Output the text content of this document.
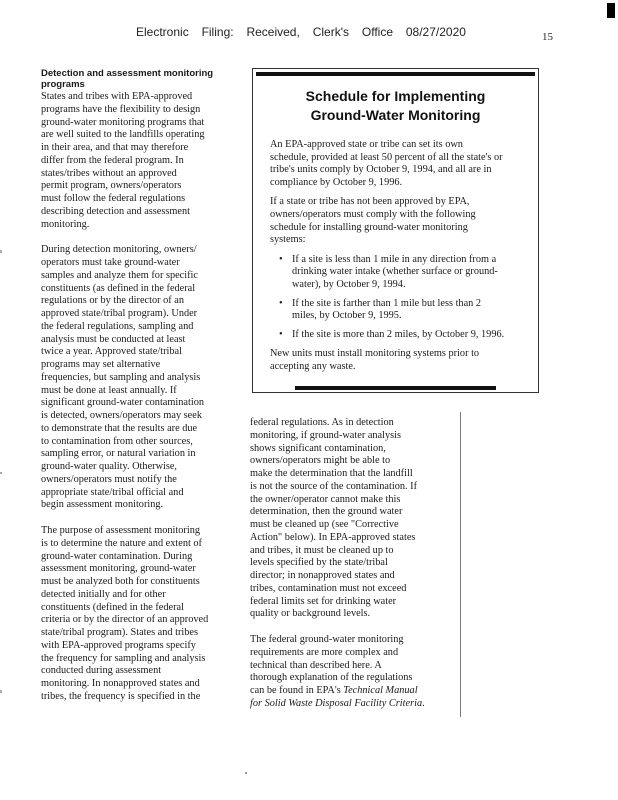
Electronic Filing: Received, Clerk's Office 08/27/2020	15
Detection and assessment monitoring
programs

States and tribes with EPA-approved
programs have the flexibility to design
ground-water monitoring programs that
are well suited to the landfills operating
in their area, and that may therefore
differ from the federal program. In
states/tribes without an approved
permit program, owners/operators
must follow the federal regulations
describing detection and assessment
monitoring.

During detection monitoring, owners/
operators must take ground-water
samples and analyze them for specific
constituents (as defined in the federal
regulations or by the director of an
approved state/tribal program). Under
the federal regulations, sampling and
analysis must be conducted at least
twice a year. Approved state/tribal
programs may set alternative
frequencies, but sampling and analysis
must be done at least annually. If
significant ground-water contamination
is detected, owners/operators may seek
to demonstrate that the results are due
to contamination from other sources,
sampling error, or natural variation in
ground-water quality. Otherwise,
owners/operators must notify the
appropriate state/tribal official and
begin assessment monitoring.

The purpose of assessment monitoring
is to determine the nature and extent of
ground-water contamination. During
assessment monitoring, ground-water
must be analyzed both for constituents
detected initially and for other
constituents (defined in the federal
criteria or by the director of an approved
state/tribal program). States and tribes
with EPA-approved programs specify
the frequency for sampling and analysis
conducted during assessment
monitoring. In nonapproved states and
tribes, the frequency is specified in the

Schedule for Implementing
Ground-Water Monitoring

An EPA-approved state or tribe can set its own
schedule, provided at least 50 percent of all the state's or
tribe's units comply by October 9, 1994, and all are in
compliance by October 9, 1996.

If a state or tribe has not been approved by EPA,
owners/operators must comply with the following
schedule for installing ground-water monitoring
systems:

• If a site is less than 1 mile in any direction from a
drinking water intake (whether surface or ground-
water), by October 9, 1994.
• If the site is farther than 1 mile but less than 2
miles, by October 9, 1995.
• If the site is more than 2 miles, by October 9, 1996.

New units must install monitoring systems prior to
accepting any waste.

federal regulations. As in detection
monitoring, if ground-water analysis
shows significant contamination,
owners/operators might be able to
make the determination that the landfill
is not the source of the contamination. If
the owner/operator cannot make this
determination, then the ground water
must be cleaned up (see "Corrective
Action" below). In EPA-approved states
and tribes, it must be cleaned up to
levels specified by the state/tribal
director; in nonapproved states and
tribes, contamination must not exceed
federal limits set for drinking water
quality or background levels.

The federal ground-water monitoring
requirements are more complex and
technical than described here. A
thorough explanation of the regulations
can be found in EPA's Technical Manual
for Solid Waste Disposal Facility Criteria.
